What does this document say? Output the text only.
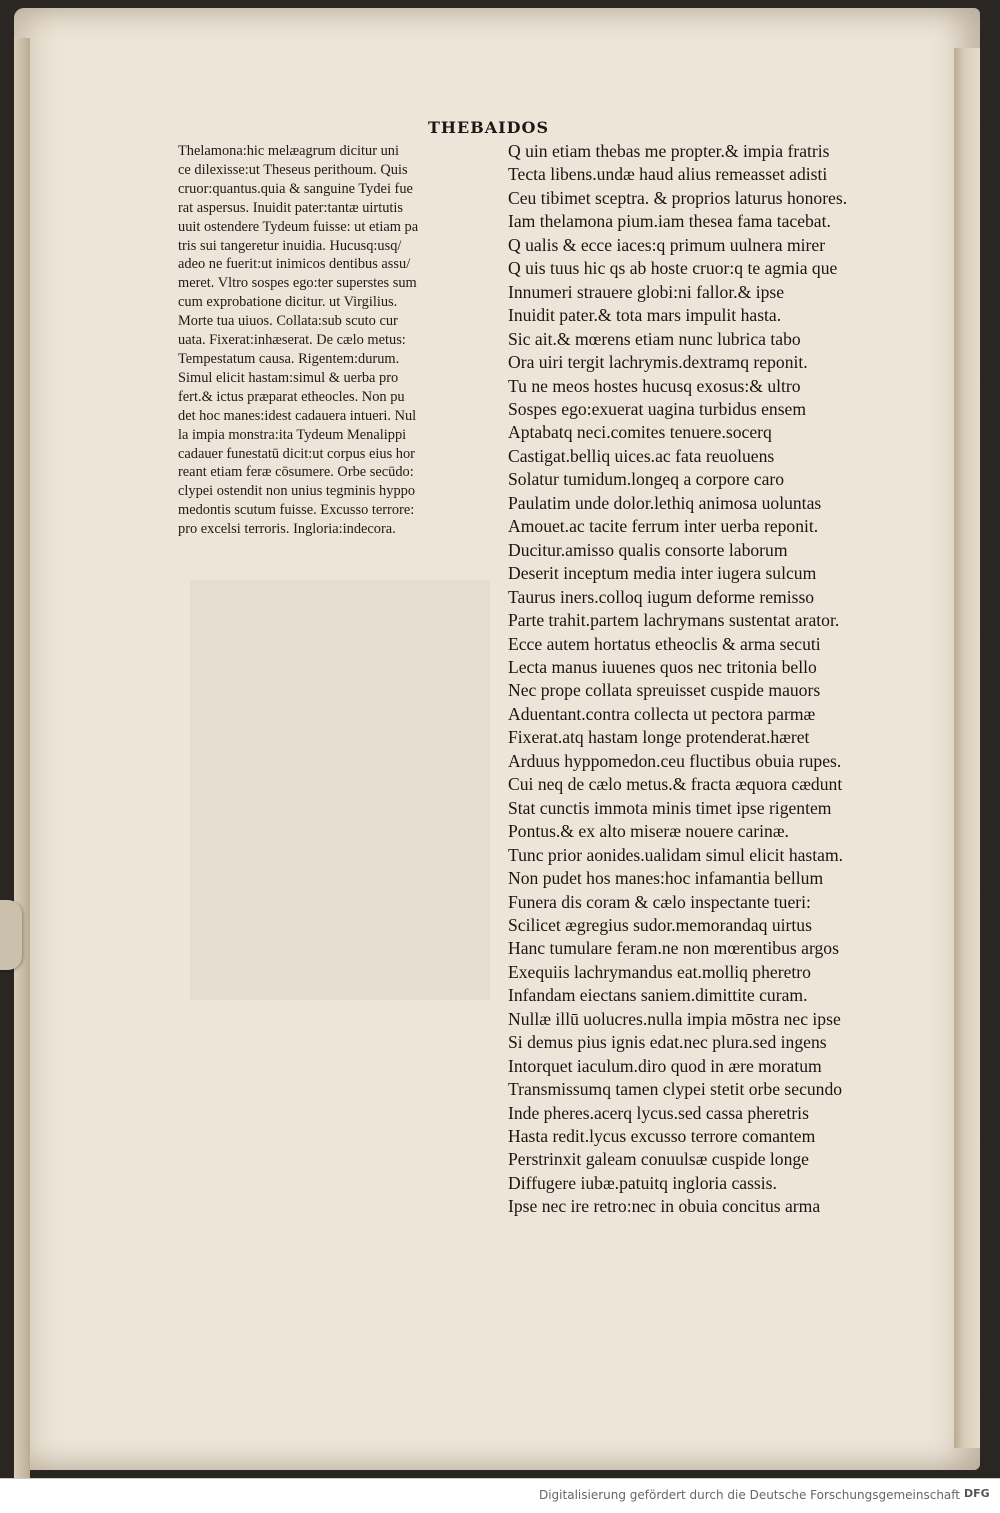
THEBAIDOS
Thelamona:hic melæagrum dicitur uni
ce dilexisse:ut Theseus perithoum. Quis
cruor:quantus.quia & sanguine Tydei fue
rat aspersus. Inuidit pater:tantæ uirtutis
uuit ostendere Tydeum fuisse: ut etiam pa
tris sui tangeretur inuidia. Hucusq:usq/
adeo ne fuerit:ut inimicos dentibus assu/
meret. Vltro sospes ego:ter superstes sum
cum exprobatione dicitur. ut Virgilius.
Morte tua uiuos. Collata:sub scuto cur
uata. Fixerat:inhæserat. De cælo metus:
Tempestatum causa. Rigentem:durum.
Simul elicit hastam:simul & uerba pro
fert.& ictus præparat etheocles. Non pu
det hoc manes:idest cadauera intueri. Nul
la impia monstra:ita Tydeum Menalippi
cadauer funestatū dicit:ut corpus eius hor
reant etiam feræ cōsumere. Orbe secūdo:
clypei ostendit non unius tegminis hyppo
medontis scutum fuisse. Excusso terrore:
pro excelsi terroris. Ingloria:indecora.
Q uin etiam thebas me propter.& impia fratris
Tecta libens.undæ haud alius remeasset adisti
Ceu tibimet sceptra. & proprios laturus honores.
Iam thelamona pium.iam thesea fama tacebat.
Q ualis & ecce iaces:q primum uulnera mirer
Q uis tuus hic qs ab hoste cruor:q te agmia que
Innumeri strauere globi:ni fallor.& ipse
Inuidit pater.& tota mars impulit hasta.
Sic ait.& mœrens etiam nunc lubrica tabo
Ora uiri tergit lachrymis.dextramq reponit.
Tu ne meos hostes hucusq exosus:& ultro
Sospes ego:exuerat uagina turbidus ensem
Aptabatq neci.comites tenuere.socerq
Castigat.belliq uices.ac fata reuoluens
Solatur tumidum.longeq a corpore caro
Paulatim unde dolor.lethiq animosa uoluntas
Amouet.ac tacite ferrum inter uerba reponit.
Ducitur.amisso qualis consorte laborum
Deserit inceptum media inter iugera sulcum
Taurus iners.colloq iugum deforme remisso
Parte trahit.partem lachrymans sustentat arator.
Ecce autem hortatus etheoclis & arma secuti
Lecta manus iuuenes quos nec tritonia bello
Nec prope collata spreuisset cuspide mauors
Aduentant.contra collecta ut pectora parmæ
Fixerat.atq hastam longe protenderat.hæret
Arduus hyppomedon.ceu fluctibus obuia rupes.
Cui neq de cælo metus.& fracta æquora cædunt
Stat cunctis immota minis timet ipse rigentem
Pontus.& ex alto miseræ nouere carinæ.
Tunc prior aonides.ualidam simul elicit hastam.
Non pudet hos manes:hoc infamantia bellum
Funera dis coram & cælo inspectante tueri:
Scilicet ægregius sudor.memorandaq uirtus
Hanc tumulare feram.ne non mœrentibus argos
Exequiis lachrymandus eat.molliq pheretro
Infandam eiectans saniem.dimittite curam.
Nullæ illū uolucres.nulla impia mōstra nec ipse
Si demus pius ignis edat.nec plura.sed ingens
Intorquet iaculum.diro quod in ære moratum
Transmissumq tamen clypei stetit orbe secundo
Inde pheres.acerq lycus.sed cassa pheretris
Hasta redit.lycus excusso terrore comantem
Perstrinxit galeam conuulsæ cuspide longe
Diffugere iubæ.patuitq ingloria cassis.
Ipse nec ire retro:nec in obuia concitus arma
Digitalisierung gefördert durch die Deutsche Forschungsgemeinschaft DFG
